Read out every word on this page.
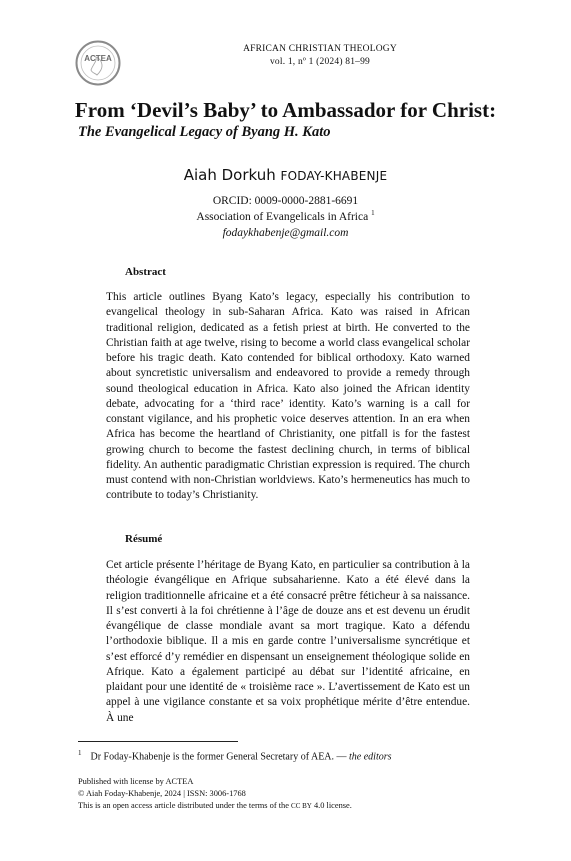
ACTEA
AFRICAN CHRISTIAN THEOLOGY
vol. 1, nº 1 (2024) 81–99
From ‘Devil’s Baby’ to Ambassador for Christ:
The Evangelical Legacy of Byang H. Kato
Aiah Dorkuh FODAY-KHABENJE
ORCID: 0009-0000-2881-6691
Association of Evangelicals in Africa $^1$
fodaykhabenje@gmail.com
Abstract

This article outlines Byang Kato’s legacy, especially his contribution to evangelical theology in sub-Saharan Africa. Kato was raised in African traditional religion, dedicated as a fetish priest at birth. He converted to the Christian faith at age twelve, rising to become a world class evangelical scholar before his tragic death. Kato contended for biblical orthodoxy. Kato warned about syncretistic universalism and endeavored to provide a remedy through sound theological education in Africa. Kato also joined the African identity debate, advocating for a ‘third race’ identity. Kato’s warning is a call for constant vigilance, and his prophetic voice deserves attention. In an era when Africa has become the heartland of Christianity, one pitfall is for the fastest growing church to become the fastest declining church, in terms of biblical fidelity. An authentic paradigmatic Christian expression is required. The church must contend with non-Christian worldviews. Kato’s hermeneutics has much to contribute to today’s Christianity.

Résumé

Cet article présente l’héritage de Byang Kato, en particulier sa contribution à la théologie évangélique en Afrique subsaharienne. Kato a été élevé dans la religion traditionnelle africaine et a été consacré prêtre féticheur à sa naissance. Il s’est converti à la foi chrétienne à l’âge de douze ans et est devenu un érudit évangélique de classe mondiale avant sa mort tragique. Kato a défendu l’orthodoxie biblique. Il a mis en garde contre l’universalisme syncrétique et s’est efforcé d’y remédier en dispensant un enseignement théologique solide en Afrique. Kato a également participé au débat sur l’identité africaine, en plaidant pour une identité de « troisième race ». L’avertissement de Kato est un appel à une vigilance constante et sa voix prophétique mérite d’être entendue. À une

$^1$ Dr Foday-Khabenje is the former General Secretary of AEA. — the editors
Published with license by ACTEA
© Aiah Foday-Khabenje, 2024 | ISSN: 3006-1768
This is an open access article distributed under the terms of the CC BY 4.0 license.
